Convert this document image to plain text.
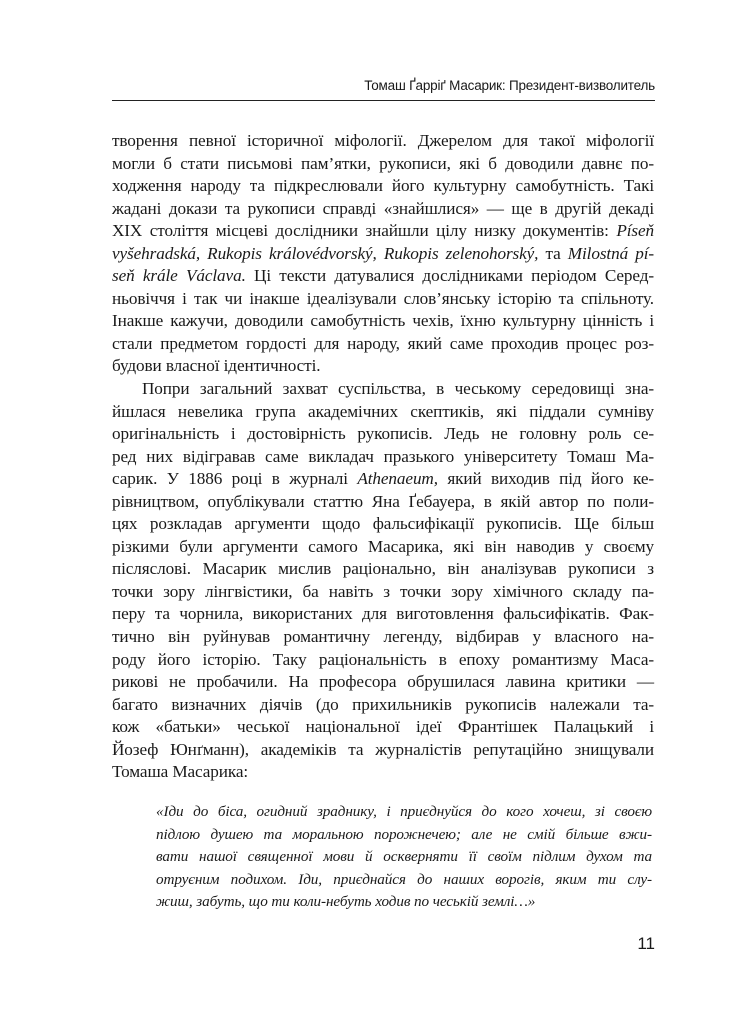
Томаш Ґарріґ Масарик: Президент-визволитель
творення певної історичної міфології. Джерелом для такої міфології
могли б стати письмові пам’ятки, рукописи, які б доводили давнє по-
ходження народу та підкреслювали його культурну самобутність. Такі
жадані докази та рукописи справді «знайшлися» — ще в другій декаді
XIX століття місцеві дослідники знайшли цілу низку документів: Píseň
vyšehradská, Rukopis královédvorský, Rukopis zelenohorský, та Milostná pí-
seň krále Václava. Ці тексти датувалися дослідниками періодом Серед-
ньовіччя і так чи інакше ідеалізували слов’янську історію та спільноту.
Інакше кажучи, доводили самобутність чехів, їхню культурну цінність і
стали предметом гордості для народу, який саме проходив процес роз-
будови власної ідентичності.
Попри загальний захват суспільства, в чеському середовищі зна-
йшлася невелика група академічних скептиків, які піддали сумніву
оригінальність і достовірність рукописів. Ледь не головну роль се-
ред них відігравав саме викладач празького університету Томаш Ма-
сарик. У 1886 році в журналі Athenaeum, який виходив під його ке-
рівництвом, опублікували статтю Яна Ґебауера, в якій автор по поли-
цях розкладав аргументи щодо фальсифікації рукописів. Ще більш
різкими були аргументи самого Масарика, які він наводив у своєму
післяслові. Масарик мислив раціонально, він аналізував рукописи з
точки зору лінгвістики, ба навіть з точки зору хімічного складу па-
перу та чорнила, використаних для виготовлення фальсифікатів. Фак-
тично він руйнував романтичну легенду, відбирав у власного на-
роду його історію. Таку раціональність в епоху романтизму Маса-
рикові не пробачили. На професора обрушилася лавина критики —
багато визначних діячів (до прихильників рукописів належали та-
кож «батьки» чеської національної ідеї Франтішек Палацький і
Йозеф Юнґманн), академіків та журналістів репутаційно знищували
Томаша Масарика:
«Іди до біса, огидний зраднику, і приєднуйся до кого хочеш, зі своєю
підлою душею та моральною порожнечею; але не смій більше вжи-
вати нашої священної мови й оскверняти її своїм підлим духом та
отруєним подихом. Іди, приєднайся до наших ворогів, яким ти слу-
жиш, забуть, що ти коли-небуть ходив по чеській землі…»
11
